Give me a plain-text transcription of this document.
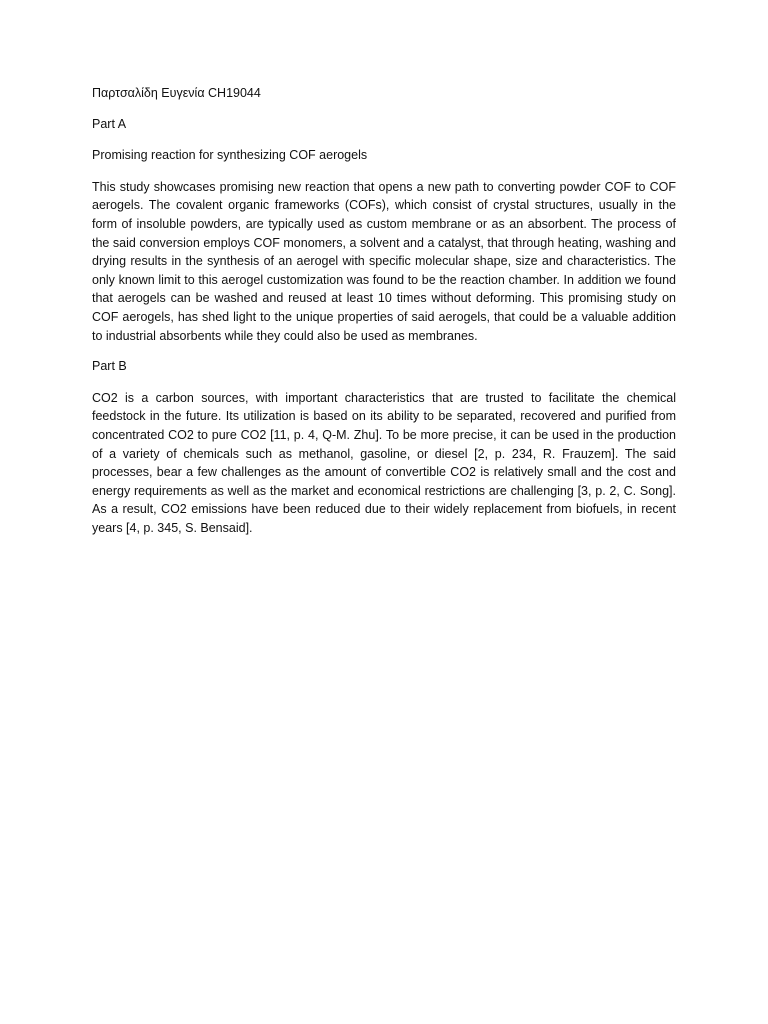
Παρτσαλίδη Ευγενία CH19044

Part A

Promising reaction for synthesizing COF aerogels

This study showcases promising new reaction that opens a new path to converting powder COF to COF aerogels. The covalent organic frameworks (COFs), which consist of crystal structures, usually in the form of insoluble powders, are typically used as custom membrane or as an absorbent. The process of the said conversion employs COF monomers, a solvent and a catalyst, that through heating, washing and drying results in the synthesis of an aerogel with specific molecular shape, size and characteristics. The only known limit to this aerogel customization was found to be the reaction chamber. In addition we found that aerogels can be washed and reused at least 10 times without deforming. This promising study on COF aerogels, has shed light to the unique properties of said aerogels, that could be a valuable addition to industrial absorbents while they could also be used as membranes.

Part B

CO2 is a carbon sources, with important characteristics that are trusted to facilitate the chemical feedstock in the future. Its utilization is based on its ability to be separated, recovered and purified from concentrated CO2 to pure CO2 [11, p. 4, Q-M. Zhu]. To be more precise, it can be used in the production of a variety of chemicals such as methanol, gasoline, or diesel [2, p. 234, R. Frauzem]. The said processes, bear a few challenges as the amount of convertible CO2 is relatively small and the cost and energy requirements as well as the market and economical restrictions are challenging [3, p. 2, C. Song]. As a result, CO2 emissions have been reduced due to their widely replacement from biofuels, in recent years [4, p. 345, S. Bensaid].
